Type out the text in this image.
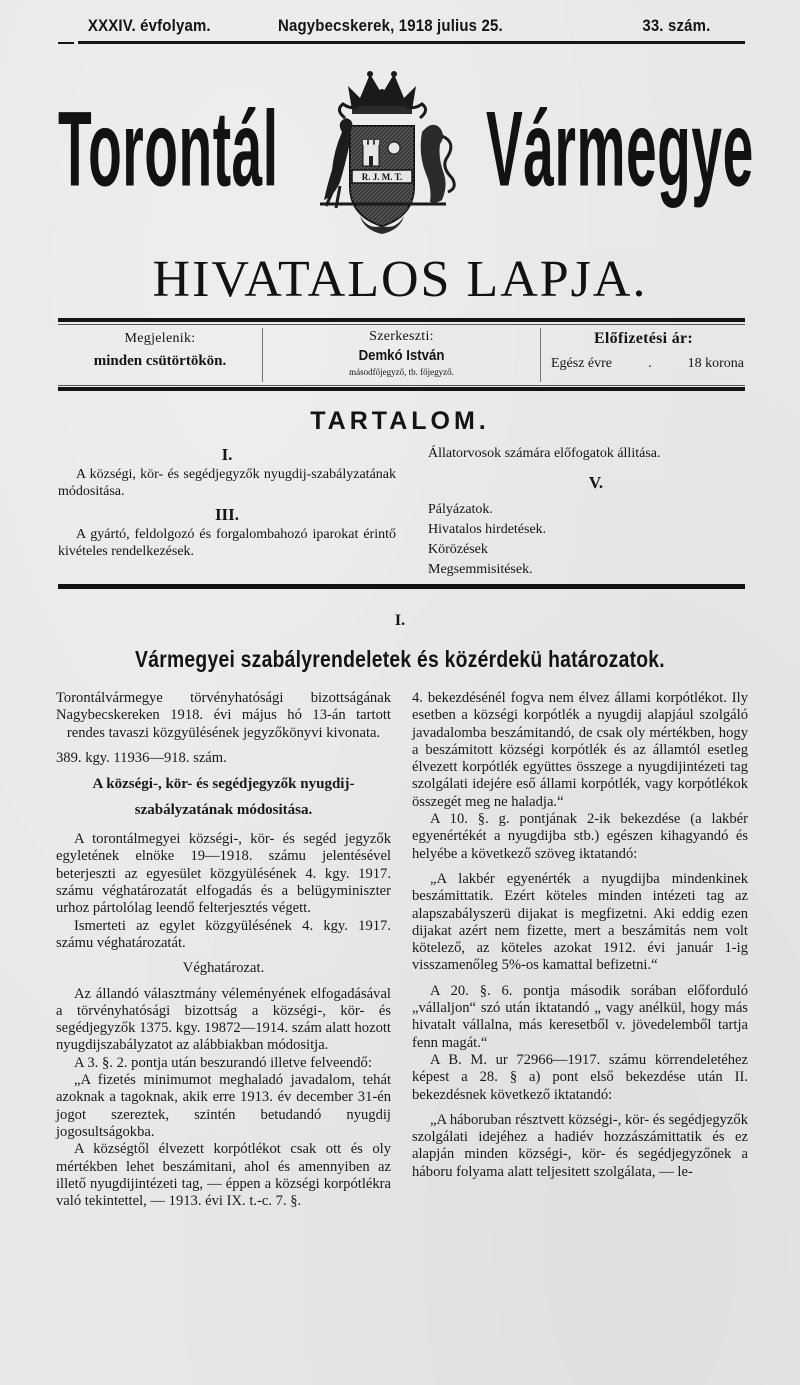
XXXIV. évfolyam.	Nagybecskerek, 1918 julius 25.	33. szám.
Torontál Vármegye
R. J. M. T.
HIVATALOS LAPJA.
Megjelenik:
minden csütörtökön.
Szerkeszti:
Demkó István
másodfőjegyző, tb. főjegyző.
Előfizetési ár:
Egész évre	.	18 korona
TARTALOM.
I.
A községi, kör- és segédjegyzők nyugdij-szabályzatának módositása.
III.
A gyártó, feldolgozó és forgalombahozó iparokat érintő kivételes rendelkezések.
Állatorvosok számára előfogatok állitása.
V.
Pályázatok.
Hivatalos hirdetések.
Körözések
Megsemmisitések.
I.
Vármegyei szabályrendeletek és közérdekü határozatok.

Torontálvármegye törvényhatósági bizottságának Nagybecskereken 1918. évi május hó 13-án tartott rendes tavaszi közgyülésének jegyzőkönyvi kivonata.

389. kgy. 11936—918. szám.

A községi-, kör- és segédjegyzők nyugdij-szabályzatának módositása.

A torontálmegyei községi-, kör- és segéd jegyzők egyletének elnöke 19—1918. számu jelentésével beterjeszti az egyesület közgyülésének 4. kgy. 1917. számu véghatározatát elfogadás és a belügyminiszter urhoz pártolólag leendő felterjesztés végett.

Ismerteti az egylet közgyülésének 4. kgy. 1917. számu véghatározatát.

Véghatározat.

Az állandó választmány véleményének elfogadásával a törvényhatósági bizottság a községi-, kör- és segédjegyzők 1375. kgy. 19872—1914. szám alatt hozott nyugdijszabályzatot az alábbiakban módositja.

A 3. §. 2. pontja után beszurandó illetve felveendő:

„A fizetés minimumot meghaladó javadalom, tehát azoknak a tagoknak, akik erre 1913. év december 31-én jogot szereztek, szintén betudandó nyugdij jogosultságokba.

A községtől élvezett korpótlékot csak ott és oly mértékben lehet beszámitani, ahol és amennyiben az illető nyugdijintézeti tag, — éppen a községi korpótlékra való tekintettel, — 1913. évi IX. t.-c. 7. §.

4. bekezdésénél fogva nem élvez állami korpótlékot. Ily esetben a községi korpótlék a nyugdij alapjául szolgáló javadalomba beszámitandó, de csak oly mértékben, hogy a beszámitott községi korpótlék és az államtól esetleg élvezett korpótlék együttes összege a nyugdijintézeti tag szolgálati idejére eső állami korpótlék, vagy korpótlékok összegét meg ne haladja.“

A 10. §. g. pontjának 2-ik bekezdése (a lakbér egyenértékét a nyugdijba stb.) egészen kihagyandó és helyébe a következő szöveg iktatandó:

„A lakbér egyenérték a nyugdijba mindenkinek beszámittatik. Ezért köteles minden intézeti tag az alapszabályszerü dijakat is megfizetni. Aki eddig ezen dijakat azért nem fizette, mert a beszámitás nem volt kötelező, az köteles azokat 1912. évi január 1-ig visszamenőleg 5%-os kamattal befizetni.“

A 20. §. 6. pontja második sorában előforduló „vállaljon“ szó után iktatandó „ vagy anélkül, hogy más hivatalt vállalna, más keresetből v. jövedelemből tartja fenn magát.“

A B. M. ur 72966—1917. számu körrendeletéhez képest a 28. § a) pont első bekezdése után II. bekezdésnek következő iktatandó:

„A háboruban résztvett községi-, kör- és segédjegyzők szolgálati idejéhez a hadiév hozzászámittatik és ez alapján minden községi-, kör- és segédjegyzőnek a háboru folyama alatt teljesitett szolgálata, — le-
